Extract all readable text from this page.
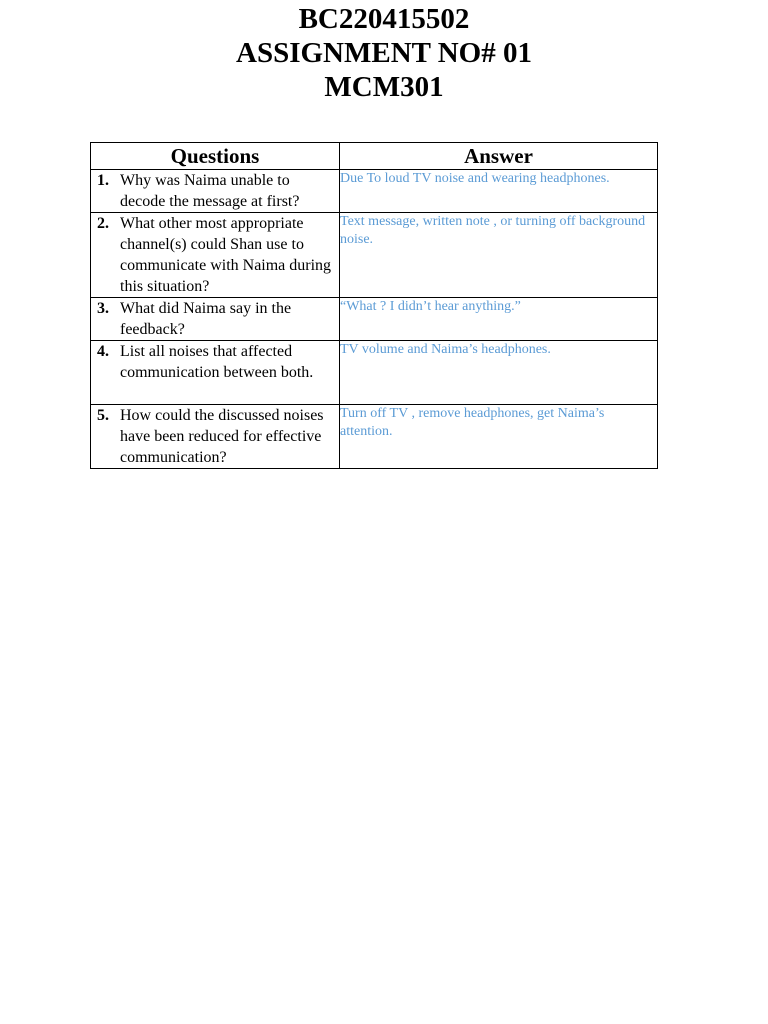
BC220415502

ASSIGNMENT NO# 01

MCM301

Questions	Answer

1. Why was Naima unable to decode the message at first?	Due To loud TV noise and wearing headphones.

2. What other most appropriate channel(s) could Shan use to communicate with Naima during this situation?	Text message, written note , or turning off background noise.

3. What did Naima say in the feedback?	“What ? I didn’t hear anything.”

4. List all noises that affected communication between both.	TV volume and Naima’s headphones.

5. How could the discussed noises have been reduced for effective communication?	Turn off TV , remove headphones, get Naima’s attention.
